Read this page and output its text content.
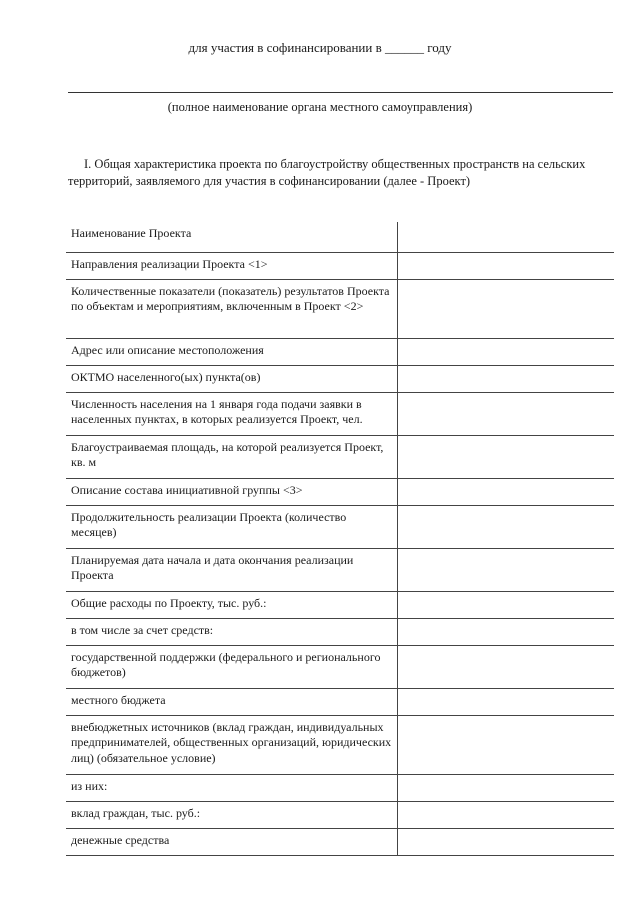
для участия в софинансировании в ______ году
(полное наименование органа местного самоуправления)
I. Общая характеристика проекта по благоустройству общественных пространств на сельских территорий, заявляемого для участия в софинансировании (далее - Проект)
Наименование Проекта	
Направления реализации Проекта <1>	
Количественные показатели (показатель) результатов Проекта по объектам и мероприятиям, включенным в Проект <2>	
Адрес или описание местоположения	
ОКТМО населенного(ых) пункта(ов)	
Численность населения на 1 января года подачи заявки в населенных пунктах, в которых реализуется Проект, чел.	
Благоустраиваемая площадь, на которой реализуется Проект, кв. м	
Описание состава инициативной группы <3>	
Продолжительность реализации Проекта (количество месяцев)	
Планируемая дата начала и дата окончания реализации Проекта	
Общие расходы по Проекту, тыс. руб.:	
в том числе за счет средств:	
государственной поддержки (федерального и регионального бюджетов)	
местного бюджета	
внебюджетных источников (вклад граждан, индивидуальных предпринимателей, общественных организаций, юридических лиц) (обязательное условие)	
из них:	
вклад граждан, тыс. руб.:	
денежные средства	
